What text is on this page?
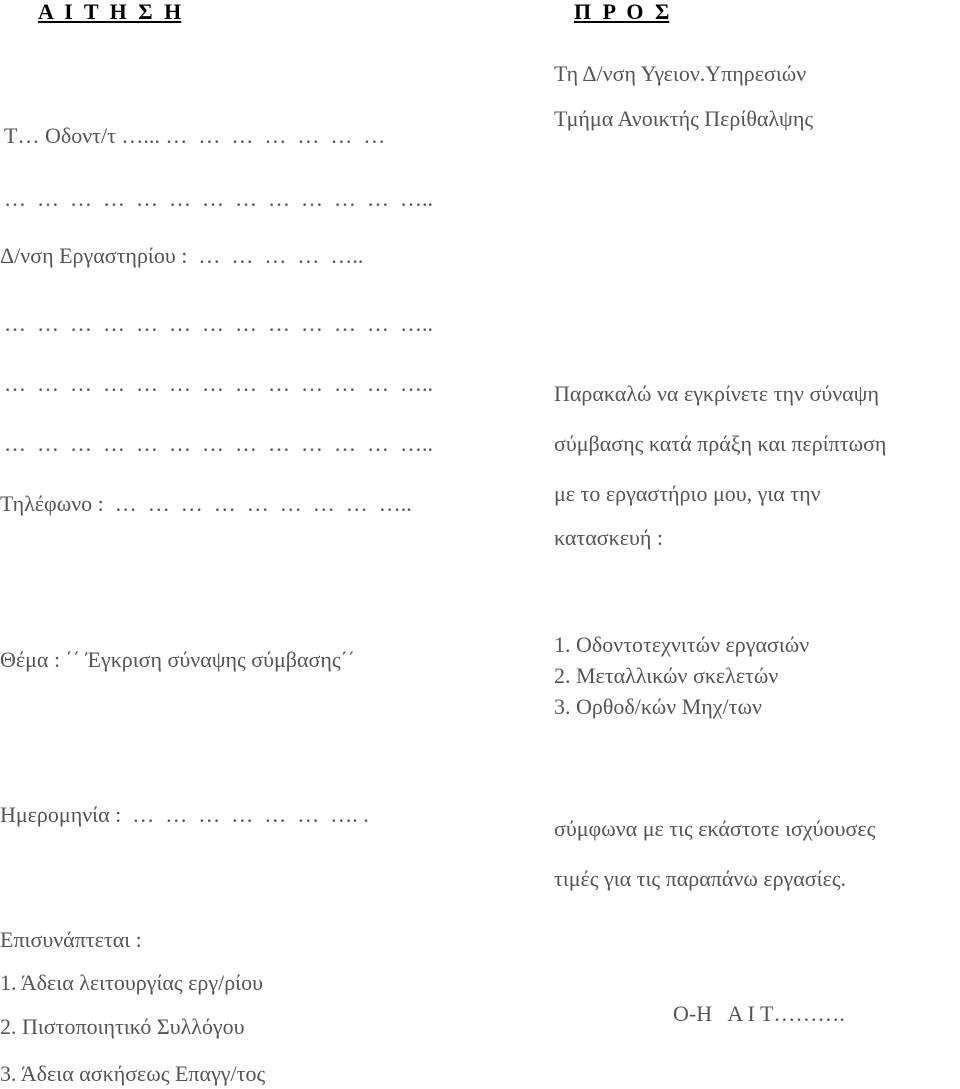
Α Ι Τ Η Σ Η	Π Ρ Ο Σ
Τη Δ/νση Υγειον.Υπηρεσιών
Τμήμα Ανοικτής Περίθαλψης
Τ… Οδοντ/τ …... …  …  …  …  …  …  …
…  …  …  …  …  …  …  …  …  …  …  …  …..
Δ/νση Εργαστηρίου :  …  …  …  …  …..
…  …  …  …  …  …  …  …  …  …  …  …  …..
…  …  …  …  …  …  …  …  …  …  …  …  …..
…  …  …  …  …  …  …  …  …  …  …  …  …..
Τηλέφωνο :  …  …  …  …  …  …  …  …  …..
Παρακαλώ να εγκρίνετε την σύναψη
σύμβασης κατά πράξη και περίπτωση
με το εργαστήριο μου, για την
κατασκευή :
Θέμα : ΄΄ Έγκριση σύναψης σύμβασης΄΄
1. Οδοντοτεχνιτών εργασιών
2. Μεταλλικών σκελετών
3. Ορθοδ/κών Μηχ/των
Ημερομηνία :  …  …  …  …  …  …  …. .
σύμφωνα με τις εκάστοτε ισχύουσες
τιμές για τις παραπάνω εργασίες.
Επισυνάπτεται :
1. Άδεια λειτουργίας εργ/ρίου
2. Πιστοποιητικό Συλλόγου
3. Άδεια ασκήσεως Επαγγ/τος
Ο-Η   Α Ι Τ……….
